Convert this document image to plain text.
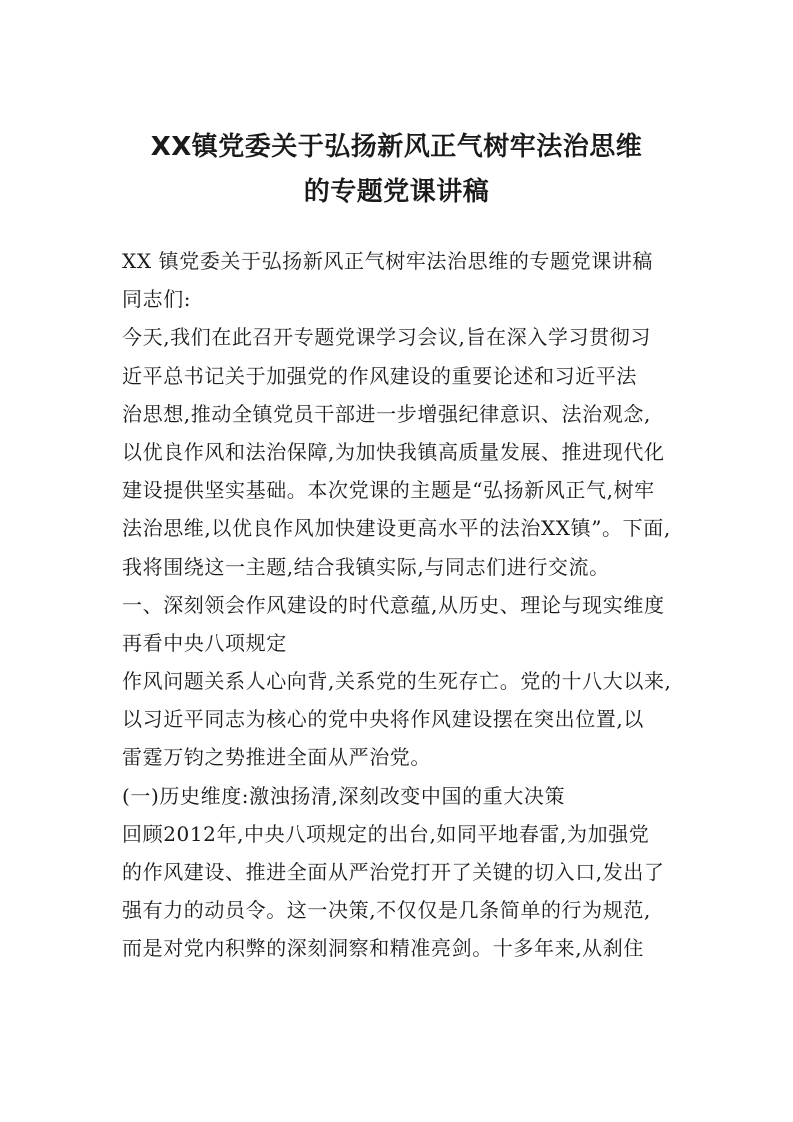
XX镇党委关于弘扬新风正气树牢法治思维
的专题党课讲稿
XX 镇党委关于弘扬新风正气树牢法治思维的专题党课讲稿
同志们:
今天,我们在此召开专题党课学习会议,旨在深入学习贯彻习
近平总书记关于加强党的作风建设的重要论述和习近平法
治思想,推动全镇党员干部进一步增强纪律意识、法治观念,
以优良作风和法治保障,为加快我镇高质量发展、推进现代化
建设提供坚实基础。本次党课的主题是“弘扬新风正气,树牢
法治思维,以优良作风加快建设更高水平的法治XX镇”。下面,
我将围绕这一主题,结合我镇实际,与同志们进行交流。
一、深刻领会作风建设的时代意蕴,从历史、理论与现实维度
再看中央八项规定
作风问题关系人心向背,关系党的生死存亡。党的十八大以来,
以习近平同志为核心的党中央将作风建设摆在突出位置,以
雷霆万钧之势推进全面从严治党。
(一)历史维度:激浊扬清,深刻改变中国的重大决策
回顾2012年,中央八项规定的出台,如同平地春雷,为加强党
的作风建设、推进全面从严治党打开了关键的切入口,发出了
强有力的动员令。这一决策,不仅仅是几条简单的行为规范,
而是对党内积弊的深刻洞察和精准亮剑。十多年来,从刹住
